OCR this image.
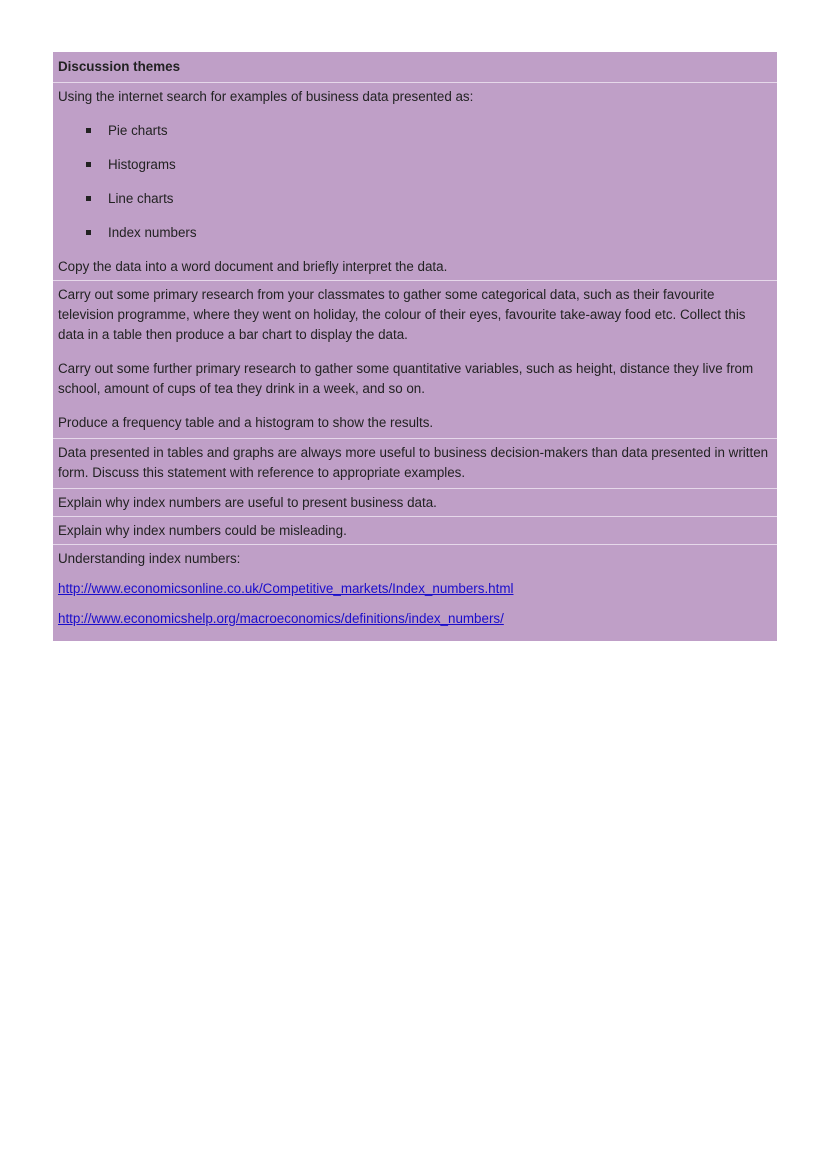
Discussion themes

Using the internet search for examples of business data presented as:

Pie charts
Histograms
Line charts
Index numbers

Copy the data into a word document and briefly interpret the data.

Carry out some primary research from your classmates to gather some categorical data, such as their favourite television programme, where they went on holiday, the colour of their eyes, favourite take-away food etc. Collect this data in a table then produce a bar chart to display the data.

Carry out some further primary research to gather some quantitative variables, such as height, distance they live from school, amount of cups of tea they drink in a week, and so on.

Produce a frequency table and a histogram to show the results.

Data presented in tables and graphs are always more useful to business decision-makers than data presented in written form. Discuss this statement with reference to appropriate examples.

Explain why index numbers are useful to present business data.

Explain why index numbers could be misleading.

Understanding index numbers:

http://www.economicsonline.co.uk/Competitive_markets/Index_numbers.html

http://www.economicshelp.org/macroeconomics/definitions/index_numbers/
